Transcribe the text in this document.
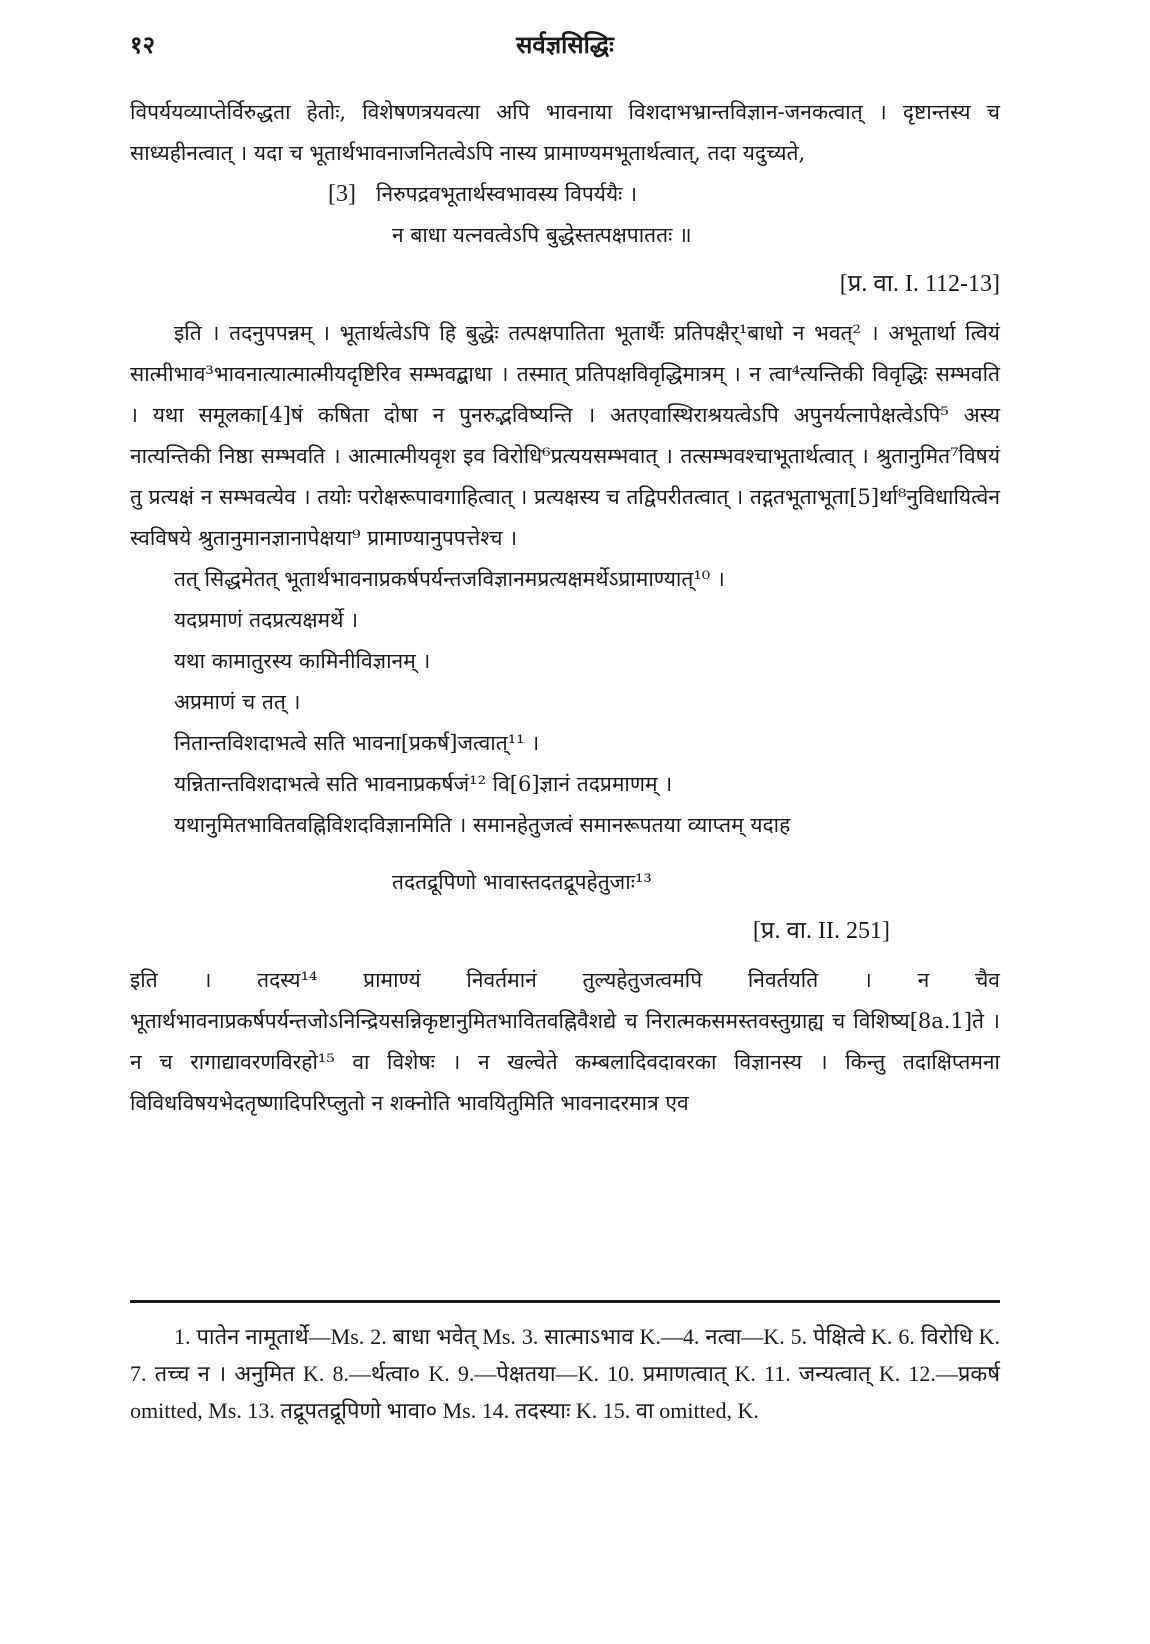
१२	सर्वज्ञसिद्धिः

विपर्ययव्याप्तेर्विरुद्धता हेतोः, विशेषणत्रयवत्या अपि भावनाया विशदाभभ्रान्तविज्ञान-जनकत्वात् । दृष्टान्तस्य च साध्यहीनत्वात् । यदा च भूतार्थभावनाजनितत्वेऽपि नास्य प्रामाण्यमभूतार्थत्वात्, तदा यदुच्यते,

[3] निरुपद्रवभूतार्थस्वभावस्य विपर्ययैः ।
न बाधा यत्नवत्वेऽपि बुद्धेस्तत्पक्षपाततः ॥

[प्र. वा. I. 112-13]

इति । तदनुपपन्नम् । भूतार्थत्वेऽपि हि बुद्धेः तत्पक्षपातिता भूतार्थैः प्रतिपक्षैर्¹बाधो न भवत्² । अभूतार्था त्वियं सात्मीभाव³भावनात्यात्मात्मीयदृष्टिरिव सम्भवद्बाधा । तस्मात् प्रतिपक्षविवृद्धिमात्रम् । न त्वा⁴त्यन्तिकी विवृद्धिः सम्भवति । यथा समूलका[4]षं कषिता दोषा न पुनरुद्भविष्यन्ति । अतएवास्थिराश्रयत्वेऽपि अपुनर्यत्नापेक्षत्वेऽपि⁵ अस्य नात्यन्तिकी निष्ठा सम्भवति । आत्मात्मीयवृश इव विरोधि⁶प्रत्ययसम्भवात् । तत्सम्भवश्चाभूतार्थत्वात् । श्रुतानुमित⁷विषयं तु प्रत्यक्षं न सम्भवत्येव । तयोः परोक्षरूपावगाहित्वात् । प्रत्यक्षस्य च तद्विपरीतत्वात् । तद्गतभूताभूता[5]र्था⁸नुविधायित्वेन स्वविषये श्रुतानुमानज्ञानापेक्षया⁹ प्रामाण्यानुपपत्तेश्च ।

तत् सिद्धमेतत् भूतार्थभावनाप्रकर्षपर्यन्तजविज्ञानमप्रत्यक्षमर्थेऽप्रामाण्यात्¹⁰ ।

यदप्रमाणं तदप्रत्यक्षमर्थे ।

यथा कामातुरस्य कामिनीविज्ञानम् ।

अप्रमाणं च तत् ।

नितान्तविशदाभत्वे सति भावना[प्रकर्ष]जत्वात्¹¹ ।

यन्नितान्तविशदाभत्वे सति भावनाप्रकर्षजं¹² वि[6]ज्ञानं तदप्रमाणम् ।

यथानुमितभावितवह्निविशदविज्ञानमिति । समानहेतुजत्वं समानरूपतया व्याप्तम् यदाह

तदतद्रूपिणो भावास्तदतद्रूपहेतुजाः¹³

[प्र. वा. II. 251]

इति । तदस्य¹⁴ प्रामाण्यं निवर्तमानं तुल्यहेतुजत्वमपि निवर्तयति । न चैव भूतार्थभावनाप्रकर्षपर्यन्तजोऽनिन्द्रियसन्निकृष्टानुमितभावितवह्निवैशद्ये च निरात्मकसमस्तवस्तुग्राह्य च विशिष्य[8a.1]ते । न च रागाद्यावरणविरहो¹⁵ वा विशेषः । न खल्वेते कम्बलादिवदावरका विज्ञानस्य । किन्तु तदाक्षिप्तमना विविधविषयभेदतृष्णादिपरिप्लुतो न शक्नोति भावयितुमिति भावनादरमात्र एव

1. पातेन नामूतार्थे—Ms. 2. बाधा भवेत् Ms. 3. सात्माऽभाव K.—4. नत्वा—K. 5. पेक्षित्वे K. 6. विरोधि K. 7. तच्च न । अनुमित K. 8.—र्थत्वा० K. 9.—पेक्षतया—K. 10. प्रमाणत्वात् K. 11. जन्यत्वात् K. 12.—प्रकर्ष omitted, Ms. 13. तद्रूपतद्रूपिणो भावा० Ms. 14. तदस्याः K. 15. वा omitted, K.
